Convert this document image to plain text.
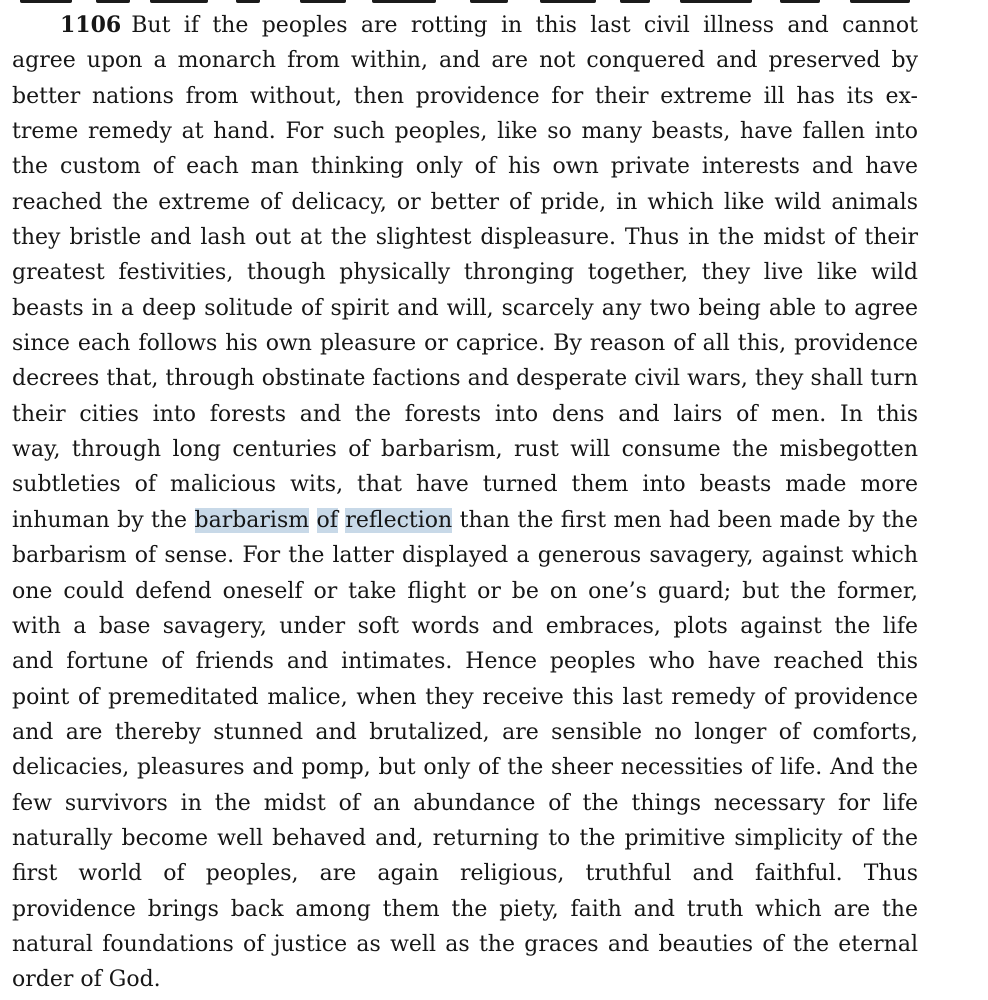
1106 But if the peoples are rotting in this last civil illness and cannot
agree upon a monarch from within, and are not conquered and preserved by
better nations from without, then providence for their extreme ill has its ex-
treme remedy at hand. For such peoples, like so many beasts, have fallen into
the custom of each man thinking only of his own private interests and have
reached the extreme of delicacy, or better of pride, in which like wild animals
they bristle and lash out at the slightest displeasure. Thus in the midst of their
greatest festivities, though physically thronging together, they live like wild
beasts in a deep solitude of spirit and will, scarcely any two being able to agree
since each follows his own pleasure or caprice. By reason of all this, providence
decrees that, through obstinate factions and desperate civil wars, they shall turn
their cities into forests and the forests into dens and lairs of men. In this
way, through long centuries of barbarism, rust will consume the misbegotten
subtleties of malicious wits, that have turned them into beasts made more
inhuman by the barbarism of reflection than the first men had been made by the
barbarism of sense. For the latter displayed a generous savagery, against which
one could defend oneself or take flight or be on one’s guard; but the former,
with a base savagery, under soft words and embraces, plots against the life
and fortune of friends and intimates. Hence peoples who have reached this
point of premeditated malice, when they receive this last remedy of providence
and are thereby stunned and brutalized, are sensible no longer of comforts,
delicacies, pleasures and pomp, but only of the sheer necessities of life. And the
few survivors in the midst of an abundance of the things necessary for life
naturally become well behaved and, returning to the primitive simplicity of the
first world of peoples, are again religious, truthful and faithful. Thus
providence brings back among them the piety, faith and truth which are the
natural foundations of justice as well as the graces and beauties of the eternal
order of God.
